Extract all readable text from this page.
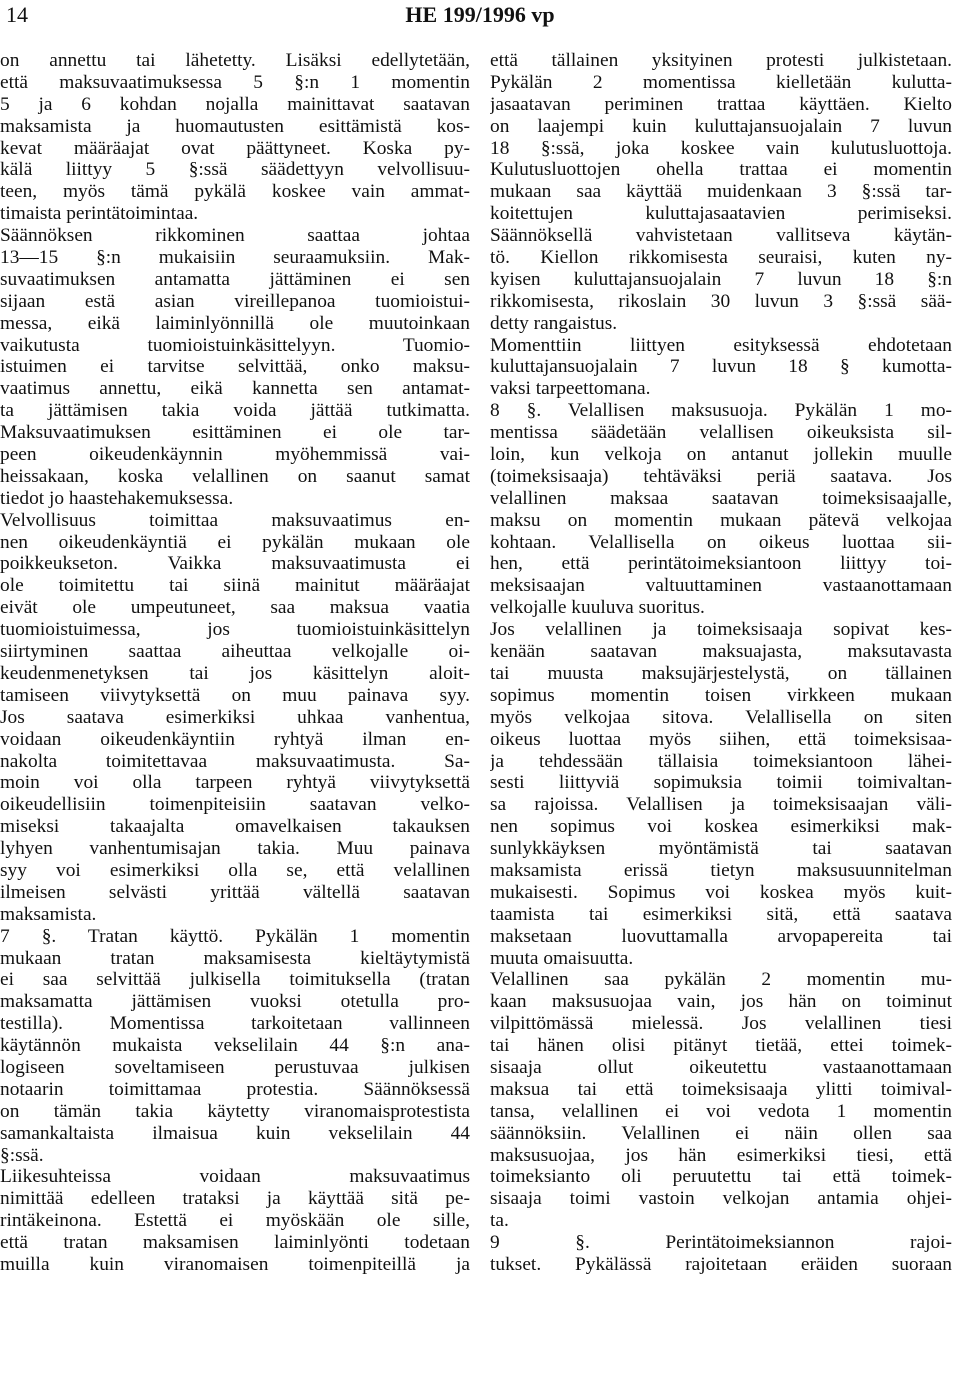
14	HE 199/1996 vp
on annettu tai lähetetty. Lisäksi edellytetään,
että maksuvaatimuksessa 5 §:n 1 momentin
5 ja 6 kohdan nojalla mainittavat saatavan
maksamista ja huomautusten esittämistä kos-
kevat määräajat ovat päättyneet. Koska py-
kälä liittyy 5 §:ssä säädettyyn velvollisuu-
teen, myös tämä pykälä koskee vain ammat-
timaista perintätoimintaa.
Säännöksen rikkominen saattaa johtaa
13—15 §:n mukaisiin seuraamuksiin. Mak-
suvaatimuksen antamatta jättäminen ei sen
sijaan estä asian vireillepanoa tuomioistui-
messa, eikä laiminlyönnillä ole muutoinkaan
vaikutusta tuomioistuinkäsittelyyn. Tuomio-
istuimen ei tarvitse selvittää, onko maksu-
vaatimus annettu, eikä kannetta sen antamat-
ta jättämisen takia voida jättää tutkimatta.
Maksuvaatimuksen esittäminen ei ole tar-
peen oikeudenkäynnin myöhemmissä vai-
heissakaan, koska velallinen on saanut samat
tiedot jo haastehakemuksessa.
Velvollisuus toimittaa maksuvaatimus en-
nen oikeudenkäyntiä ei pykälän mukaan ole
poikkeukseton. Vaikka maksuvaatimusta ei
ole toimitettu tai siinä mainitut määräajat
eivät ole umpeutuneet, saa maksua vaatia
tuomioistuimessa, jos tuomioistuinkäsittelyn
siirtyminen saattaa aiheuttaa velkojalle oi-
keudenmenetyksen tai jos käsittelyn aloit-
tamiseen viivytyksettä on muu painava syy.
Jos saatava esimerkiksi uhkaa vanhentua,
voidaan oikeudenkäyntiin ryhtyä ilman en-
nakolta toimitettavaa maksuvaatimusta. Sa-
moin voi olla tarpeen ryhtyä viivytyksettä
oikeudellisiin toimenpiteisiin saatavan velko-
miseksi takaajalta omavelkaisen takauksen
lyhyen vanhentumisajan takia. Muu painava
syy voi esimerkiksi olla se, että velallinen
ilmeisen selvästi yrittää vältellä saatavan
maksamista.
7 §. Tratan käyttö. Pykälän 1 momentin
mukaan tratan maksamisesta kieltäytymistä
ei saa selvittää julkisella toimituksella (tratan
maksamatta jättämisen vuoksi otetulla pro-
testilla). Momentissa tarkoitetaan vallinneen
käytännön mukaista vekselilain 44 §:n ana-
logiseen soveltamiseen perustuvaa julkisen
notaarin toimittamaa protestia. Säännöksessä
on tämän takia käytetty viranomaisprotestista
samankaltaista ilmaisua kuin vekselilain 44
§:ssä.
Liikesuhteissa voidaan maksuvaatimus
nimittää edelleen trataksi ja käyttää sitä pe-
rintäkeinona. Estettä ei myöskään ole sille,
että tratan maksamisen laiminlyönti todetaan
muilla kuin viranomaisen toimenpiteillä ja
että tällainen yksityinen protesti julkistetaan.
Pykälän 2 momentissa kielletään kulutta-
jasaatavan periminen trattaa käyttäen. Kielto
on laajempi kuin kuluttajansuojalain 7 luvun
18 §:ssä, joka koskee vain kulutusluottoja.
Kulutusluottojen ohella trattaa ei momentin
mukaan saa käyttää muidenkaan 3 §:ssä tar-
koitettujen kuluttajasaatavien perimiseksi.
Säännöksellä vahvistetaan vallitseva käytän-
tö. Kiellon rikkomisesta seuraisi, kuten ny-
kyisen kuluttajansuojalain 7 luvun 18 §:n
rikkomisesta, rikoslain 30 luvun 3 §:ssä sää-
detty rangaistus.
Momenttiin liittyen esityksessä ehdotetaan
kuluttajansuojalain 7 luvun 18 § kumotta-
vaksi tarpeettomana.
8 §. Velallisen maksusuoja. Pykälän 1 mo-
mentissa säädetään velallisen oikeuksista sil-
loin, kun velkoja on antanut jollekin muulle
(toimeksisaaja) tehtäväksi periä saatava. Jos
velallinen maksaa saatavan toimeksisaajalle,
maksu on momentin mukaan pätevä velkojaa
kohtaan. Velallisella on oikeus luottaa sii-
hen, että perintätoimeksiantoon liittyy toi-
meksisaajan valtuuttaminen vastaanottamaan
velkojalle kuuluva suoritus.
Jos velallinen ja toimeksisaaja sopivat kes-
kenään saatavan maksuajasta, maksutavasta
tai muusta maksujärjestelystä, on tällainen
sopimus momentin toisen virkkeen mukaan
myös velkojaa sitova. Velallisella on siten
oikeus luottaa myös siihen, että toimeksisaa-
ja tehdessään tällaisia toimeksiantoon lähei-
sesti liittyviä sopimuksia toimii toimivaltan-
sa rajoissa. Velallisen ja toimeksisaajan väli-
nen sopimus voi koskea esimerkiksi mak-
sunlykkäyksen myöntämistä tai saatavan
maksamista erissä tietyn maksusuunnitelman
mukaisesti. Sopimus voi koskea myös kuit-
taamista tai esimerkiksi sitä, että saatava
maksetaan luovuttamalla arvopapereita tai
muuta omaisuutta.
Velallinen saa pykälän 2 momentin mu-
kaan maksusuojaa vain, jos hän on toiminut
vilpittömässä mielessä. Jos velallinen tiesi
tai hänen olisi pitänyt tietää, ettei toimek-
sisaaja ollut oikeutettu vastaanottamaan
maksua tai että toimeksisaaja ylitti toimival-
tansa, velallinen ei voi vedota 1 momentin
säännöksiin. Velallinen ei näin ollen saa
maksusuojaa, jos hän esimerkiksi tiesi, että
toimeksianto oli peruutettu tai että toimek-
sisaaja toimi vastoin velkojan antamia ohjei-
ta.
9 §. Perintätoimeksiannon rajoi-
tukset. Pykälässä rajoitetaan eräiden suoraan
